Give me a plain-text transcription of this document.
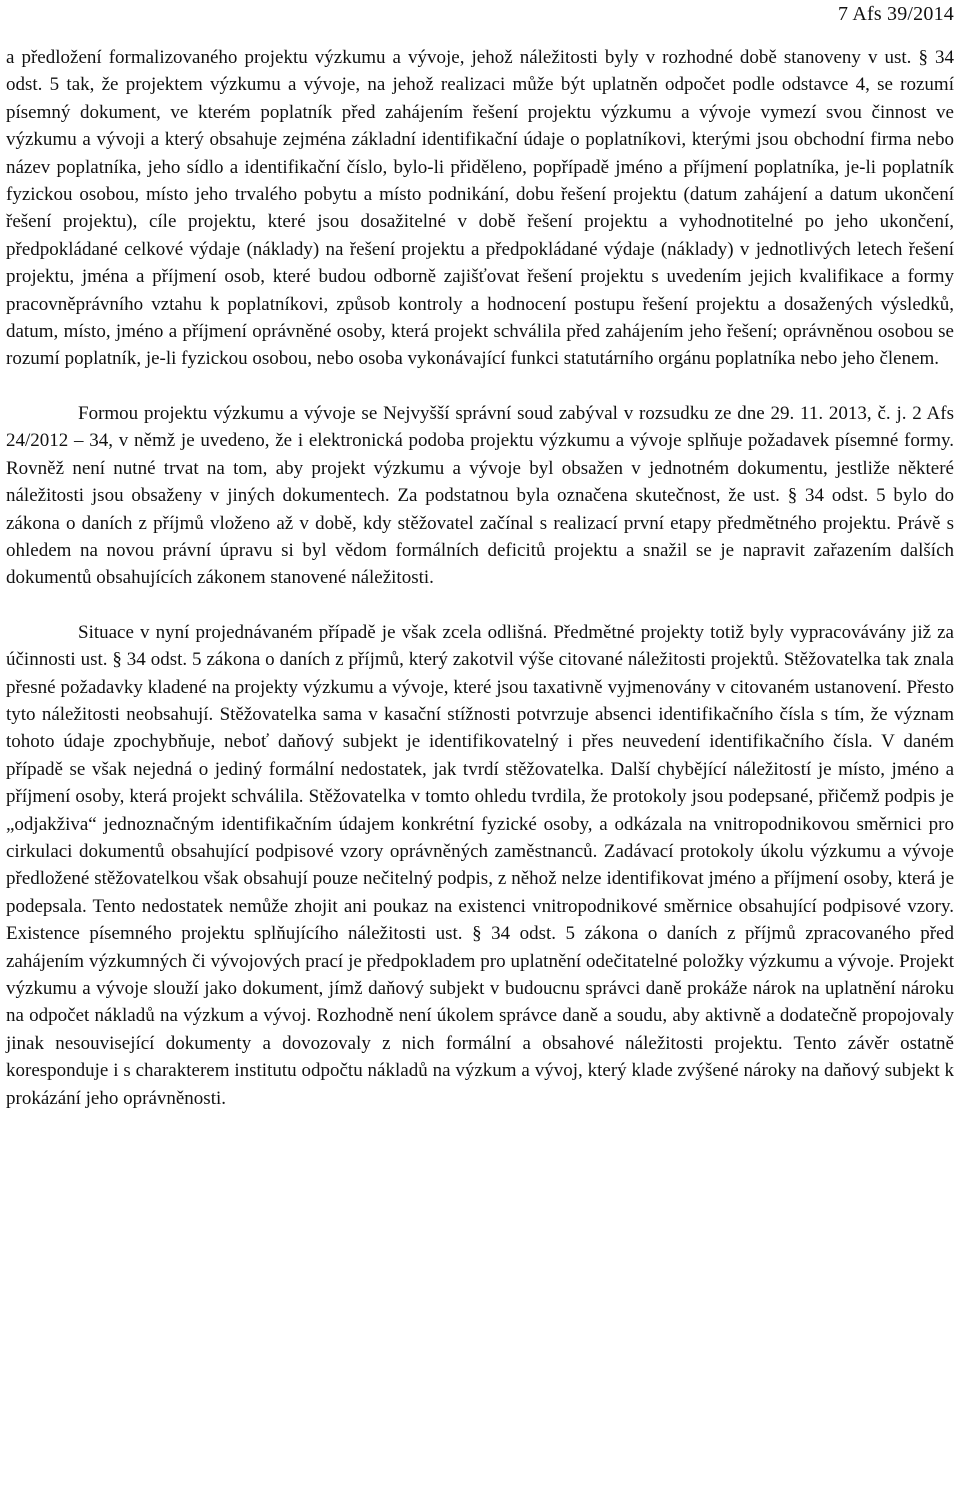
7 Afs 39/2014

a předložení formalizovaného projektu výzkumu a vývoje, jehož náležitosti byly v rozhodné době stanoveny v ust. § 34 odst. 5 tak, že projektem výzkumu a vývoje, na jehož realizaci může být uplatněn odpočet podle odstavce 4, se rozumí písemný dokument, ve kterém poplatník před zahájením řešení projektu výzkumu a vývoje vymezí svou činnost ve výzkumu a vývoji a který obsahuje zejména základní identifikační údaje o poplatníkovi, kterými jsou obchodní firma nebo název poplatníka, jeho sídlo a identifikační číslo, bylo-li přiděleno, popřípadě jméno a příjmení poplatníka, je-li poplatník fyzickou osobou, místo jeho trvalého pobytu a místo podnikání, dobu řešení projektu (datum zahájení a datum ukončení řešení projektu), cíle projektu, které jsou dosažitelné v době řešení projektu a vyhodnotitelné po jeho ukončení, předpokládané celkové výdaje (náklady) na řešení projektu a předpokládané výdaje (náklady) v jednotlivých letech řešení projektu, jména a příjmení osob, které budou odborně zajišťovat řešení projektu s uvedením jejich kvalifikace a formy pracovněprávního vztahu k poplatníkovi, způsob kontroly a hodnocení postupu řešení projektu a dosažených výsledků, datum, místo, jméno a příjmení oprávněné osoby, která projekt schválila před zahájením jeho řešení; oprávněnou osobou se rozumí poplatník, je-li fyzickou osobou, nebo osoba vykonávající funkci statutárního orgánu poplatníka nebo jeho členem.

Formou projektu výzkumu a vývoje se Nejvyšší správní soud zabýval v rozsudku ze dne 29. 11. 2013, č. j. 2 Afs 24/2012 – 34, v němž je uvedeno, že i elektronická podoba projektu výzkumu a vývoje splňuje požadavek písemné formy. Rovněž není nutné trvat na tom, aby projekt výzkumu a vývoje byl obsažen v jednotném dokumentu, jestliže některé náležitosti jsou obsaženy v jiných dokumentech. Za podstatnou byla označena skutečnost, že ust. § 34 odst. 5 bylo do zákona o daních z příjmů vloženo až v době, kdy stěžovatel začínal s realizací první etapy předmětného projektu. Právě s ohledem na novou právní úpravu si byl vědom formálních deficitů projektu a snažil se je napravit zařazením dalších dokumentů obsahujících zákonem stanovené náležitosti.

Situace v nyní projednávaném případě je však zcela odlišná. Předmětné projekty totiž byly vypracovávány již za účinnosti ust. § 34 odst. 5 zákona o daních z příjmů, který zakotvil výše citované náležitosti projektů. Stěžovatelka tak znala přesné požadavky kladené na projekty výzkumu a vývoje, které jsou taxativně vyjmenovány v citovaném ustanovení. Přesto tyto náležitosti neobsahují. Stěžovatelka sama v kasační stížnosti potvrzuje absenci identifikačního čísla s tím, že význam tohoto údaje zpochybňuje, neboť daňový subjekt je identifikovatelný i přes neuvedení identifikačního čísla. V daném případě se však nejedná o jediný formální nedostatek, jak tvrdí stěžovatelka. Další chybějící náležitostí je místo, jméno a příjmení osoby, která projekt schválila. Stěžovatelka v tomto ohledu tvrdila, že protokoly jsou podepsané, přičemž podpis je „odjakživa“ jednoznačným identifikačním údajem konkrétní fyzické osoby, a odkázala na vnitropodnikovou směrnici pro cirkulaci dokumentů obsahující podpisové vzory oprávněných zaměstnanců. Zadávací protokoly úkolu výzkumu a vývoje předložené stěžovatelkou však obsahují pouze nečitelný podpis, z něhož nelze identifikovat jméno a příjmení osoby, která je podepsala. Tento nedostatek nemůže zhojit ani poukaz na existenci vnitropodnikové směrnice obsahující podpisové vzory. Existence písemného projektu splňujícího náležitosti ust. § 34 odst. 5 zákona o daních z příjmů zpracovaného před zahájením výzkumných či vývojových prací je předpokladem pro uplatnění odečitatelné položky výzkumu a vývoje. Projekt výzkumu a vývoje slouží jako dokument, jímž daňový subjekt v budoucnu správci daně prokáže nárok na uplatnění nároku na odpočet nákladů na výzkum a vývoj. Rozhodně není úkolem správce daně a soudu, aby aktivně a dodatečně propojovaly jinak nesouvisející dokumenty a dovozovaly z nich formální a obsahové náležitosti projektu. Tento závěr ostatně koresponduje i s charakterem institutu odpočtu nákladů na výzkum a vývoj, který klade zvýšené nároky na daňový subjekt k prokázání jeho oprávněnosti.
